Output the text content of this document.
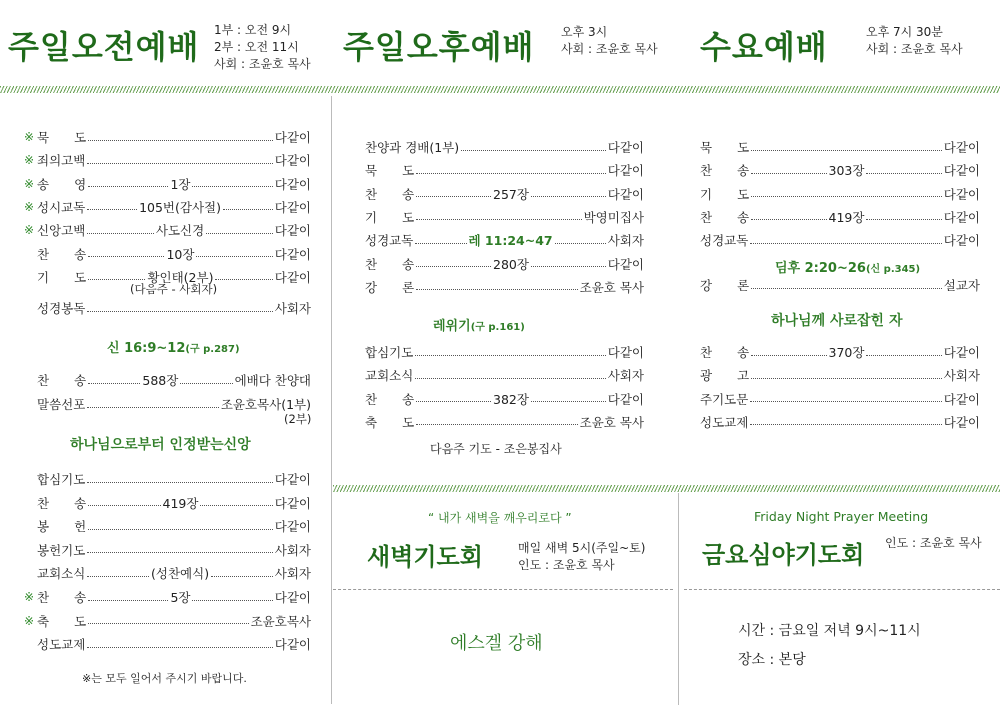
주일오전예배 1부 : 오전 9시
2부 : 오전 11시
사회 : 조윤호 목사 주일오후예배 오후 3시
사회 : 조윤호 목사 수요예배	오후 7시 30분
사회 : 조윤호 목사
※ 묵　　도	다같이
※ 죄의고백	다같이
※ 송　　영	1장	다같이
※ 성시교독	105번(감사절)	다같이
※ 신앙고백	사도신경	다같이
찬　　송	10장	다같이
기　　도	황인태(2부)	다같이
성경봉독	사회자
(다음주 - 사회자)
신 16:9~12(구 p.287)
찬　　송	588장	에배다 찬양대
말씀선포	조윤호목사(1부)
(2부)
하나님으로부터 인정받는신앙
합심기도	다같이
찬　　송	419장	다같이
봉　　헌	다같이
봉헌기도	사회자
교회소식	(성찬예식)	사회자
※ 찬　　송	5장	다같이
※ 축　　도	조윤호목사
성도교제	다같이
※는 모두 일어서 주시기 바랍니다.
찬양과 경배(1부)	다같이
묵　　도	다같이
찬　　송	257장	다같이
기　　도	박영미집사
성경교독	레 11:24~47	사회자
찬　　송	280장	다같이
강　　론	조윤호 목사
레위기(구 p.161)
합심기도	다같이
교회소식	사회자
찬　　송	382장	다같이
축　　도	조윤호 목사
다음주 기도 - 조은봉집사
묵　　도	다같이
찬　　송	303장	다같이
기　　도	다같이
찬　　송	419장	다같이
성경교독	다같이
딤후 2:20~26(신 p.345)
강　　론	설교자
하나님께 사로잡힌 자
찬　　송	370장	다같이
광　　고	사회자
주기도문	다같이
성도교제	다같이
“ 내가 새벽을 깨우리로다 ”
새벽기도회	매일 새벽 5시(주일~토)
인도 : 조윤호 목사
에스겔 강해
Friday Night Prayer Meeting
금요심야기도회 인도 : 조윤호 목사
시간 : 금요일 저녁 9시~11시
장소 : 본당
